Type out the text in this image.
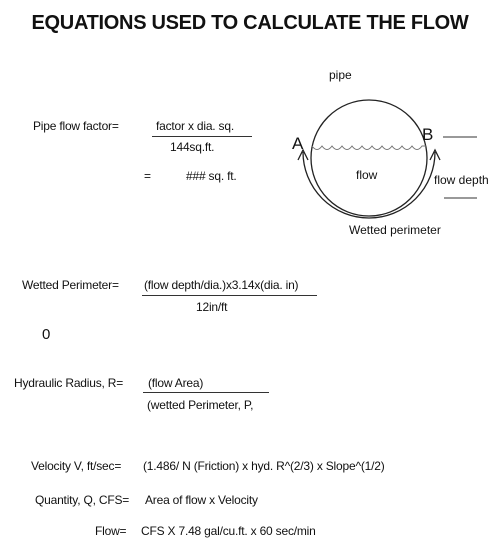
EQUATIONS USED TO CALCULATE THE FLOW
Pipe flow factor=	factor x dia. sq.
144sq.ft.
=	### sq. ft.
pipe
A	B
flow	flow depth
Wetted perimeter
Wetted Perimeter= (flow depth/dia.)x3.14x(dia. in)
12in/ft
0
Hydraulic Radius, R= (flow Area)
(wetted Perimeter, P,
Velocity V, ft/sec= (1.486/ N (Friction) x hyd. R^(2/3) x Slope^(1/2)
Quantity, Q, CFS= Area of flow x Velocity
Flow= CFS X 7.48 gal/cu.ft. x 60 sec/min
